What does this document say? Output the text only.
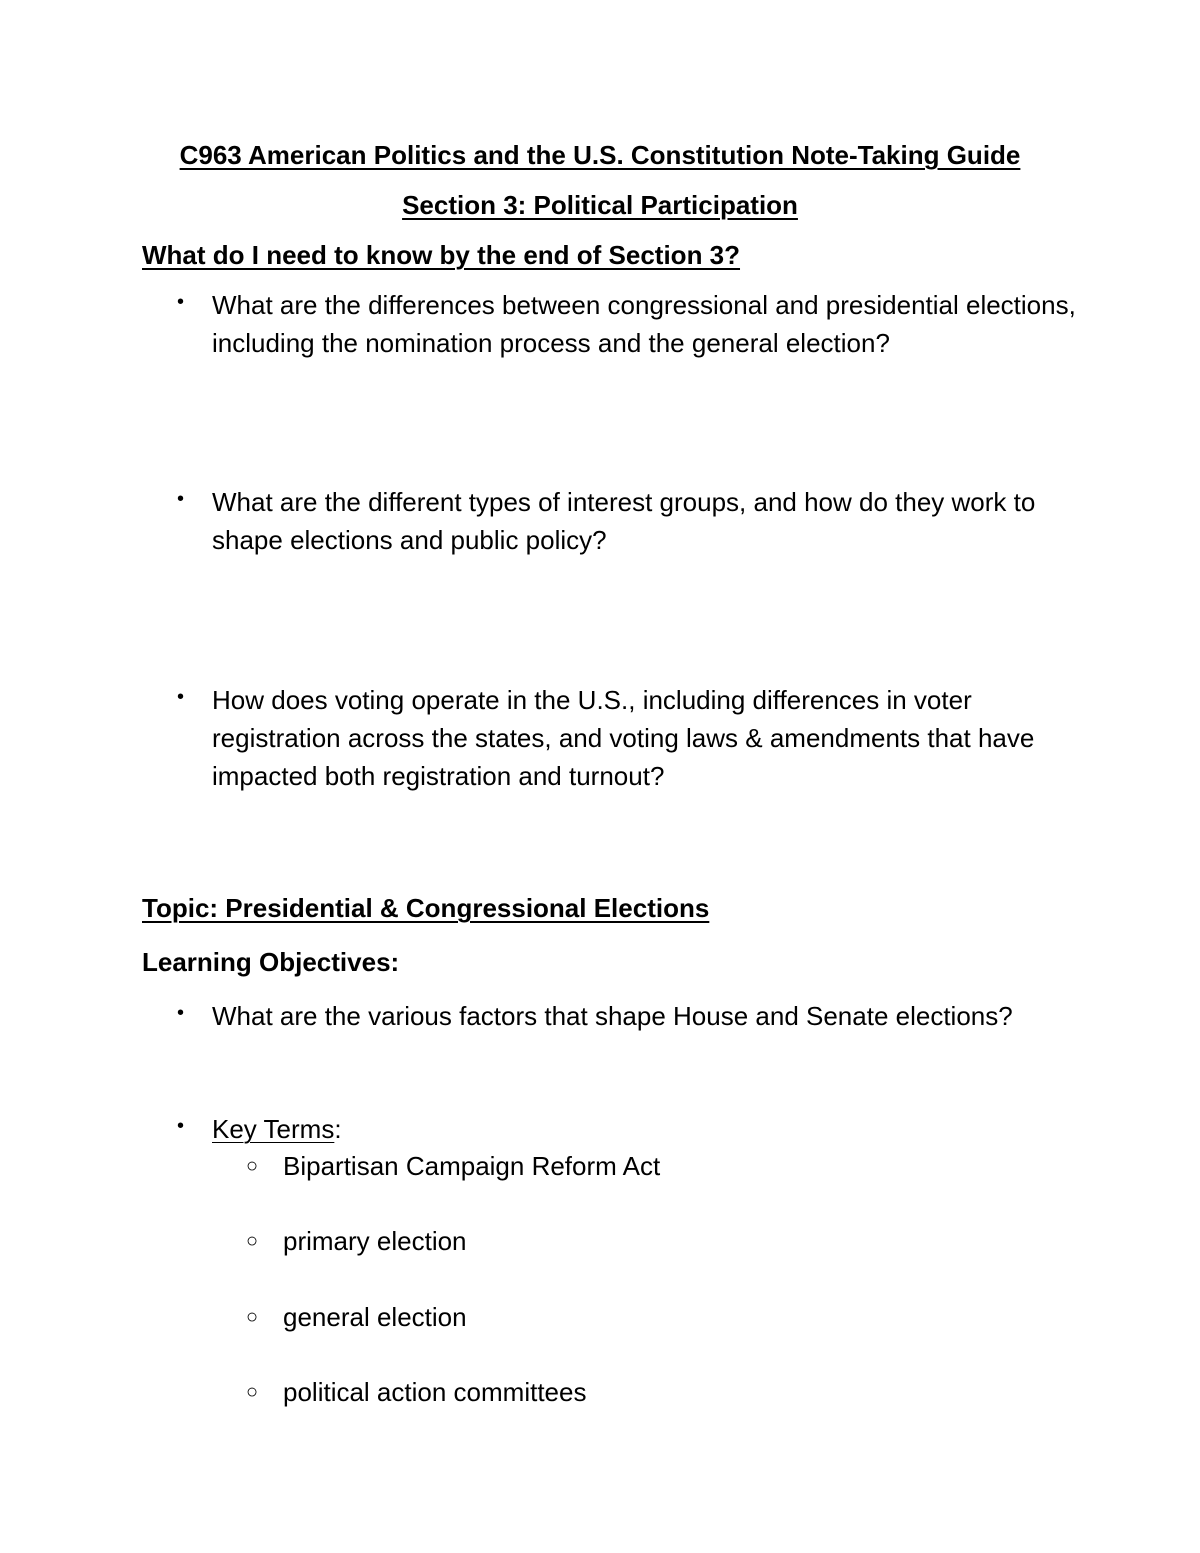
C963 American Politics and the U.S. Constitution Note-Taking Guide
Section 3: Political Participation
What do I need to know by the end of Section 3?
• What are the differences between congressional and presidential elections, including the nomination process and the general election?
• What are the different types of interest groups, and how do they work to shape elections and public policy?
• How does voting operate in the U.S., including differences in voter registration across the states, and voting laws & amendments that have impacted both registration and turnout?
Topic: Presidential & Congressional Elections
Learning Objectives:
• What are the various factors that shape House and Senate elections?
• Key Terms:
○ Bipartisan Campaign Reform Act
○ primary election
○ general election
○ political action committees
